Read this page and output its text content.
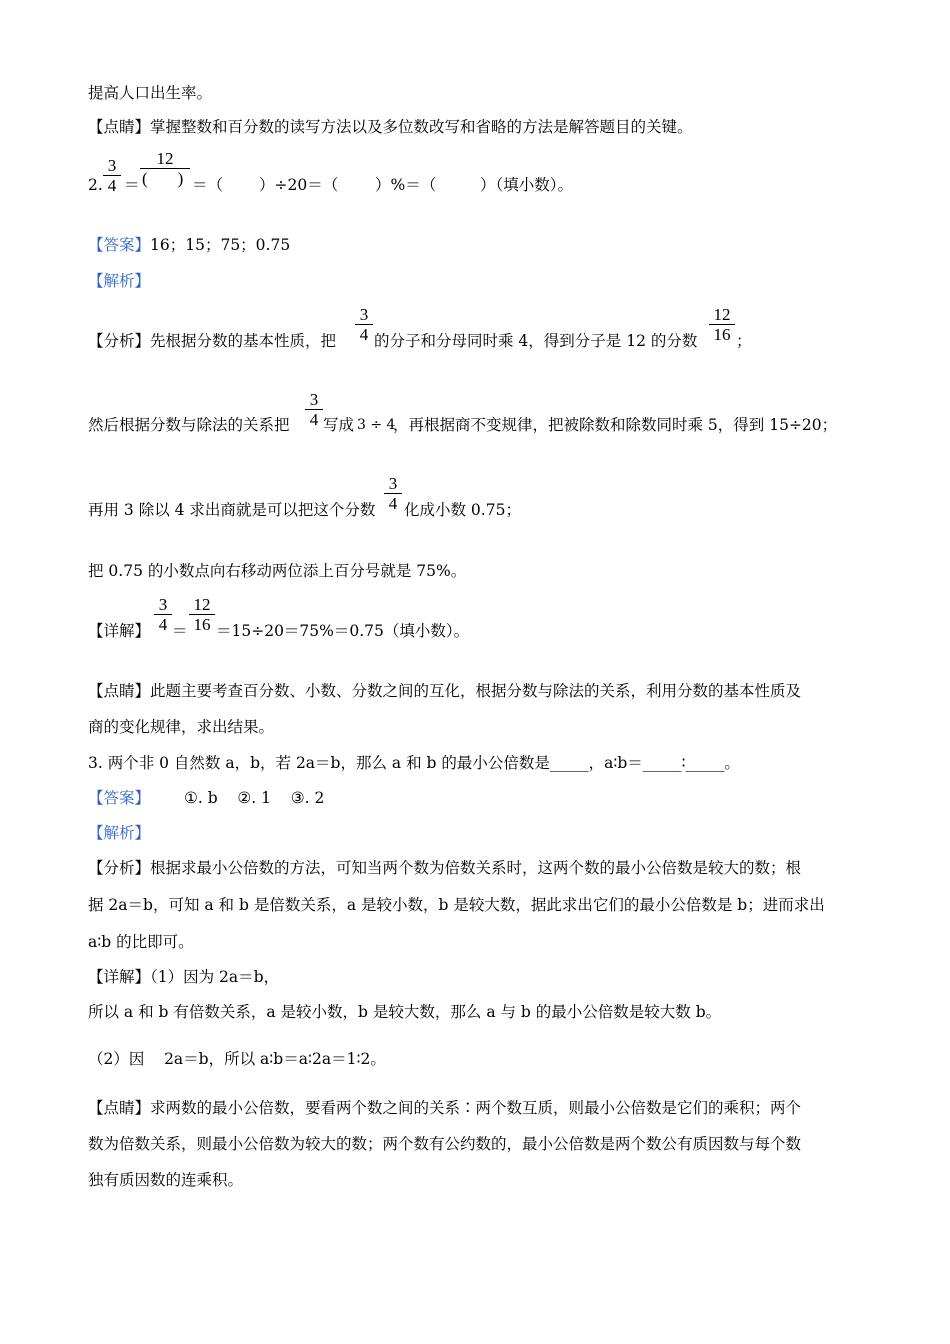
提高人口出生率。
【点睛】掌握整数和百分数的读写方法以及多位数改写和省略的方法是解答题目的关键。
2. $\frac{3}{4}$ ＝
12
( ) ＝（ ）÷20＝（ ）%＝（	）（填小数）。
【答案】16；15；75；0.75
【解析】
【分析】 先根据分数的基本性质，把 $\frac{3}{4}$ 的分子和分母同时乘 4，得到分子是 12 的分数 $\frac{12}{16}$ ；
然后根据分数与除法的关系把 $\frac{3}{4}$ 写成 3 ÷ 4
，再根据商不变规律，把被除数和除数同时乘 5，得到 15÷20；
再用 3 除以 4 求出商就是可以把这个分数 $\frac{3}{4}$ 化成小数 0.75；
把 0.75 的小数点向右移动两位添上百分号就是 75%。
【详解】 $\frac{3}{4} = \frac{12}{16} =15\div 20=75\%=0.75$（填小数）。
【点睛】此题主要考查百分数、小数、分数之间的互化，根据分数与除法的关系，利用分数的基本性质及
商的变化规律，求出结果。
3. 两个非 0 自然数 a，b，若 2a＝b，那么 a 和 b 的最小公倍数是_____，a∶b＝_____∶_____。
【答案】 ①. b    ②. 1    ③. 2
【解析】
【分析】根据求最小公倍数的方法，可知当两个数为倍数关系时，这两个数的最小公倍数是较大的数；根
据 2a＝b，可知 a 和 b 是倍数关系，a 是较小数，b 是较大数，据此求出它们的最小公倍数是 b；进而求出
a∶b 的比即可。
【详解】（1）因为 2a＝b，
所以 a 和 b 有倍数关系，a 是较小数，b 是较大数，那么 a 与 b 的最小公倍数是较大数 b。
（2）因    2a＝b，所以 a∶b＝a∶2a＝1∶2。
【点睛】求两数的最小公倍数，要看两个数之间的关系∶两个数互质，则最小公倍数是它们的乘积；两个
数为倍数关系，则最小公倍数为较大的数；两个数有公约数的，最小公倍数是两个数公有质因数与每个数
独有质因数的连乘积。
